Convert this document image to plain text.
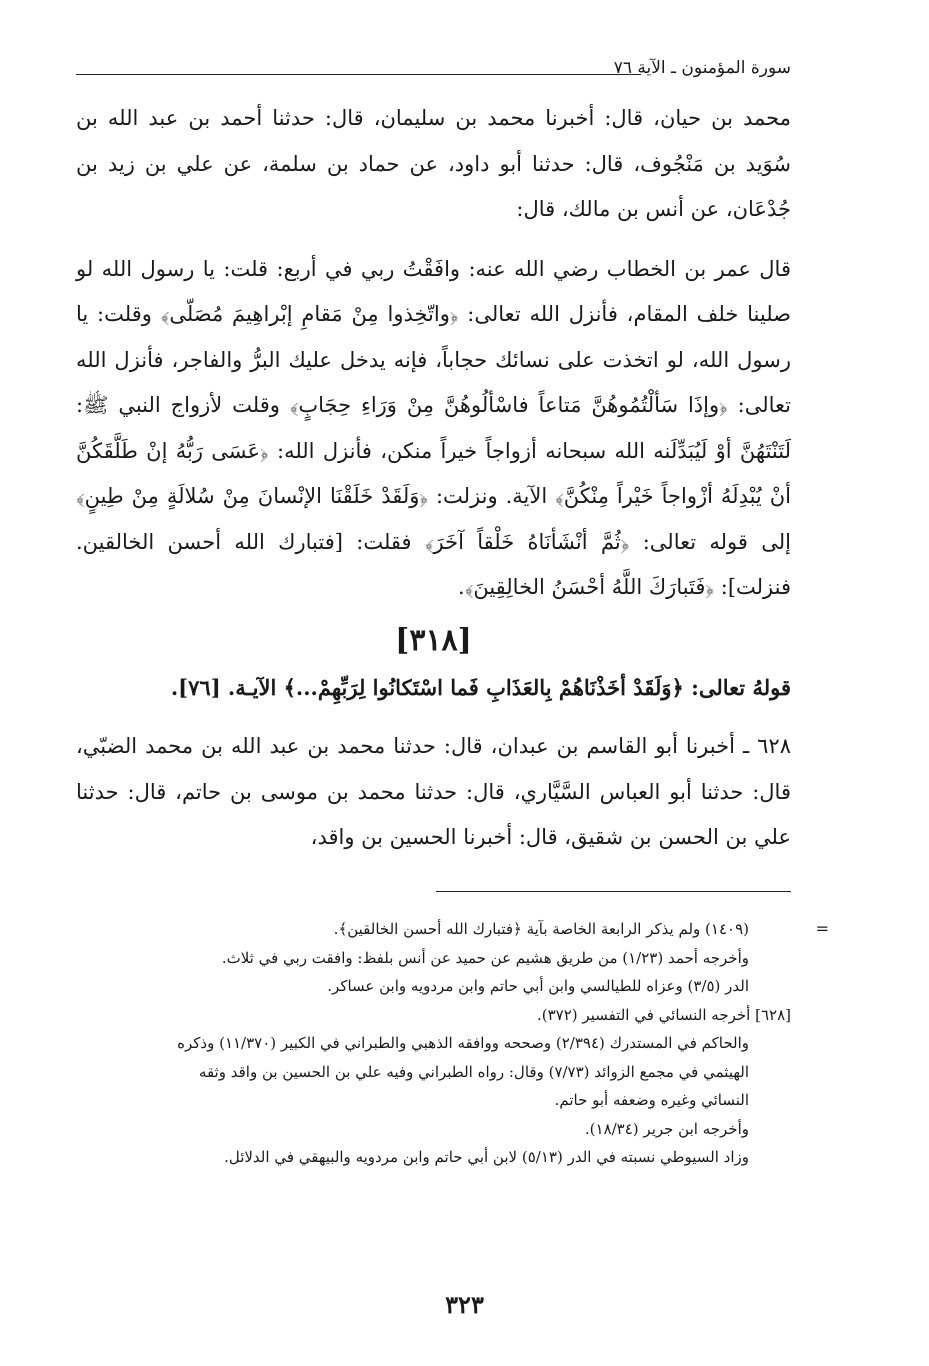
سورة المؤمنون ـ الآية ٧٦

محمد بن حيان، قال: أخبرنا محمد بن سليمان، قال: حدثنا أحمد بن عبد الله بن سُوَيد بن مَنْجُوف، قال: حدثنا أبو داود، عن حماد بن سلمة، عن علي بن زيد بن جُدْعَان، عن أنس بن مالك، قال:

قال عمر بن الخطاب رضي الله عنه: وافَقْتُ ربي في أربع: قلت: يا رسول الله لو صلينا خلف المقام، فأنزل الله تعالى: ﴿واتّخِذوا مِنْ مَقامِ إبْراهِيمَ مُصَلّى﴾ وقلت: يا رسول الله، لو اتخذت على نسائك حجاباً، فإنه يدخل عليك البرُّ والفاجر، فأنزل الله تعالى: ﴿وإذَا سَألْتُمُوهُنَّ مَتاعاً فاسْألُوهُنَّ مِنْ وَرَاءِ حِجَابٍ﴾ وقلت لأزواج النبي ﷺ: لَتَنْتَهُنَّ أوْ لَيُبَدِّلَنه الله سبحانه أزواجاً خيراً منكن، فأنزل الله: ﴿عَسَى رَبُّهُ إنْ طَلَّقَكُنَّ أنْ يُبْدِلَهُ أزْواجاً خَيْراً مِنْكُنَّ﴾ الآية. ونزلت: ﴿وَلَقَدْ خَلَقْنَا الإنْسانَ مِنْ سُلالَةٍ مِنْ طِينٍ﴾ إلى قوله تعالى: ﴿ثُمَّ أنْشَأنَاهُ خَلْقاً آخَرَ﴾ فقلت: [فتبارك الله أحسن الخالقين. فنزلت]: ﴿فَتَبارَكَ اللَّهُ أحْسَنُ الخالِقِينَ﴾.

[٣١٨]

قولهُ تعالى: ﴿وَلَقَدْ أخَذْنَاهُمْ بِالعَذَابِ فَما اسْتَكانُوا لِرَبِّهِمْ...﴾ الآيـة. [٧٦].

٦٢٨ ـ أخبرنا أبو القاسم بن عبدان، قال: حدثنا محمد بن عبد الله بن محمد الضبّي، قال: حدثنا أبو العباس السَّيَّاري، قال: حدثنا محمد بن موسى بن حاتم، قال: حدثنا علي بن الحسن بن شقيق، قال: أخبرنا الحسين بن واقد،

=

(١٤٠٩) ولم يذكر الرابعة الخاصة بآية ﴿فتبارك الله أحسن الخالقين﴾.

وأخرجه أحمد (١/٢٣) من طريق هشيم عن حميد عن أنس بلفظ: وافقت ربي في ثلاث.

الدر (٣/٥) وعزاه للطيالسي وابن أبي حاتم وابن مردويه وابن عساكر.

[٦٢٨] أخرجه النسائي في التفسير (٣٧٢).

والحاكم في المستدرك (٢/٣٩٤) وصححه ووافقه الذهبي والطبراني في الكبير (١١/٣٧٠) وذكره

الهيثمي في مجمع الزوائد (٧/٧٣) وقال: رواه الطبراني وفيه علي بن الحسين بن واقد وثقه

النسائي وغيره وضعفه أبو حاتم.

وأخرجه ابن جرير (١٨/٣٤).

وزاد السيوطي نسبته في الدر (٥/١٣) لابن أبي حاتم وابن مردويه والبيهقي في الدلائل.

٣٢٣
